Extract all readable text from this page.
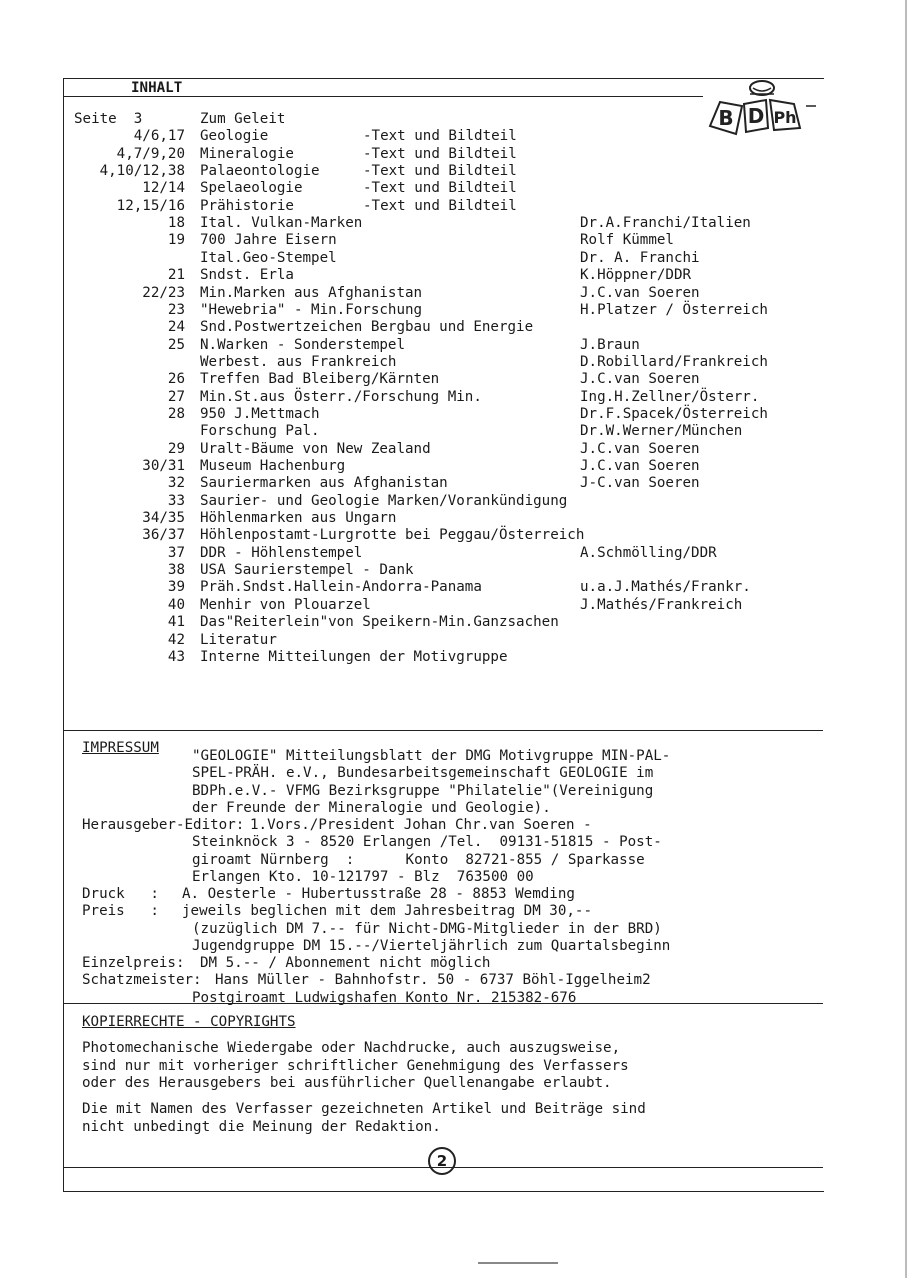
INHALT
B D Ph
Seite  3	Zum Geleit
4/6,17 Geologie	-Text und Bildteil
4,7/9,20 Mineralogie	-Text und Bildteil
4,10/12,38 Palaeontologie	-Text und Bildteil
12/14 Spelaeologie	-Text und Bildteil
12,15/16 Prähistorie	-Text und Bildteil
18 Ital. Vulkan-Marken	Dr.A.Franchi/Italien
19 700 Jahre Eisern	Rolf Kümmel
Ital.Geo-Stempel	Dr. A. Franchi
21 Sndst. Erla	K.Höppner/DDR
22/23 Min.Marken aus Afghanistan	J.C.van Soeren
23 "Hewebria" - Min.Forschung	H.Platzer / Österreich
24 Snd.Postwertzeichen Bergbau und Energie
25 N.Warken - Sonderstempel	J.Braun
Werbest. aus Frankreich	D.Robillard/Frankreich
26 Treffen Bad Bleiberg/Kärnten	J.C.van Soeren
27 Min.St.aus Österr./Forschung Min.	Ing.H.Zellner/Österr.
28 950 J.Mettmach	Dr.F.Spacek/Österreich
Forschung Pal.	Dr.W.Werner/München
29 Uralt-Bäume von New Zealand	J.C.van Soeren
30/31 Museum Hachenburg	J.C.van Soeren
32 Sauriermarken aus Afghanistan	J-C.van Soeren
33 Saurier- und Geologie Marken/Vorankündigung
34/35 Höhlenmarken aus Ungarn
36/37 Höhlenpostamt-Lurgrotte bei Peggau/Österreich
37 DDR - Höhlenstempel	A.Schmölling/DDR
38 USA Saurierstempel - Dank
39 Präh.Sndst.Hallein-Andorra-Panama	u.a.J.Mathés/Frankr.
40 Menhir von Plouarzel	J.Mathés/Frankreich
41 Das"Reiterlein"von Speikern-Min.Ganzsachen
42 Literatur
43 Interne Mitteilungen der Motivgruppe
IMPRESSUM "GEOLOGIE" Mitteilungsblatt der DMG Motivgruppe MIN-PAL-
SPEL-PRÄH. e.V., Bundesarbeitsgemeinschaft GEOLOGIE im
BDPh.e.V.- VFMG Bezirksgruppe "Philatelie"(Vereinigung
der Freunde der Mineralogie und Geologie).
Herausgeber-Editor: 1.Vors./President Johan Chr.van Soeren -
Steinknöck 3 - 8520 Erlangen /Tel.  09131-51815 - Post-
giroamt Nürnberg  :      Konto  82721-855 / Sparkasse
Erlangen Kto. 10-121797 - Blz  763500 00
Druck   : A. Oesterle - Hubertusstraße 28 - 8853 Wemding
Preis   : jeweils beglichen mit dem Jahresbeitrag DM 30,--
(zuzüglich DM 7.-- für Nicht-DMG-Mitglieder in der BRD)
Jugendgruppe DM 15.--/Vierteljährlich zum Quartalsbeginn
Einzelpreis: DM 5.-- / Abonnement nicht möglich
Schatzmeister: Hans Müller - Bahnhofstr. 50 - 6737 Böhl-Iggelheim2
Postgiroamt Ludwigshafen Konto Nr. 215382-676
KOPIERRECHTE - COPYRIGHTS
Photomechanische Wiedergabe oder Nachdrucke, auch auszugsweise,
sind nur mit vorheriger schriftlicher Genehmigung des Verfassers
oder des Herausgebers bei ausführlicher Quellenangabe erlaubt.
Die mit Namen des Verfasser gezeichneten Artikel und Beiträge sind
nicht unbedingt die Meinung der Redaktion.
2
